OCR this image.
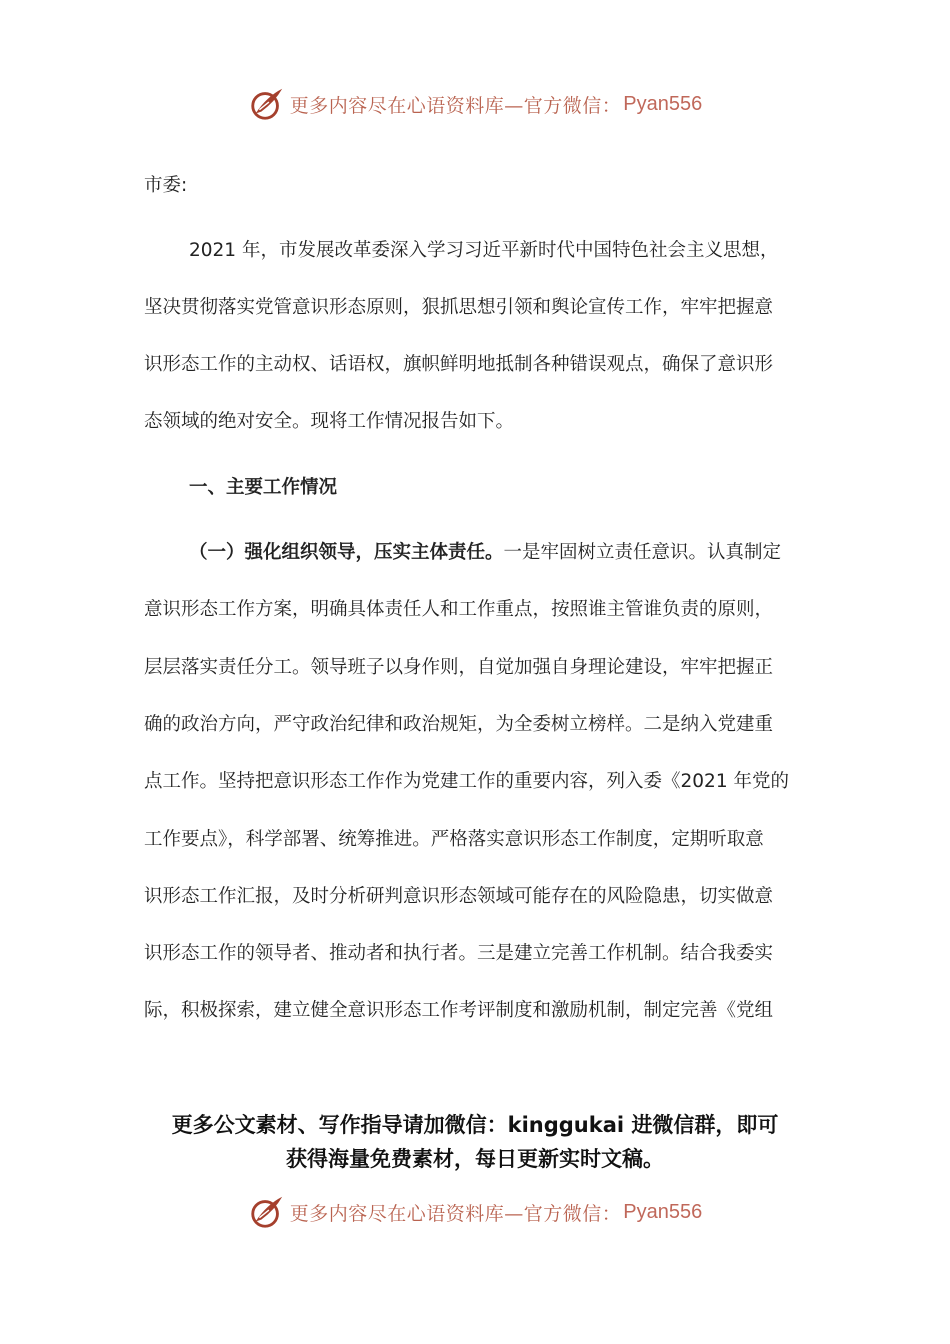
更多内容尽在心语资料库—官方微信： Pyan556
市委:
2021 年，市发展改革委深入学习习近平新时代中国特色社会主义思想，
坚决贯彻落实党管意识形态原则，狠抓思想引领和舆论宣传工作，牢牢把握意
识形态工作的主动权、话语权，旗帜鲜明地抵制各种错误观点，确保了意识形
态领域的绝对安全。现将工作情况报告如下。
一、主要工作情况
（一）强化组织领导，压实主体责任。一是牢固树立责任意识。认真制定
意识形态工作方案，明确具体责任人和工作重点，按照谁主管谁负责的原则，
层层落实责任分工。领导班子以身作则，自觉加强自身理论建设，牢牢把握正
确的政治方向，严守政治纪律和政治规矩，为全委树立榜样。二是纳入党建重
点工作。坚持把意识形态工作作为党建工作的重要内容，列入委《2021 年党的
工作要点》，科学部署、统筹推进。严格落实意识形态工作制度，定期听取意
识形态工作汇报，及时分析研判意识形态领域可能存在的风险隐患，切实做意
识形态工作的领导者、推动者和执行者。三是建立完善工作机制。结合我委实
际，积极探索，建立健全意识形态工作考评制度和激励机制，制定完善《党组
更多公文素材、写作指导请加微信：kinggukai 进微信群，即可
获得海量免费素材，每日更新实时文稿。
更多内容尽在心语资料库—官方微信： Pyan556
